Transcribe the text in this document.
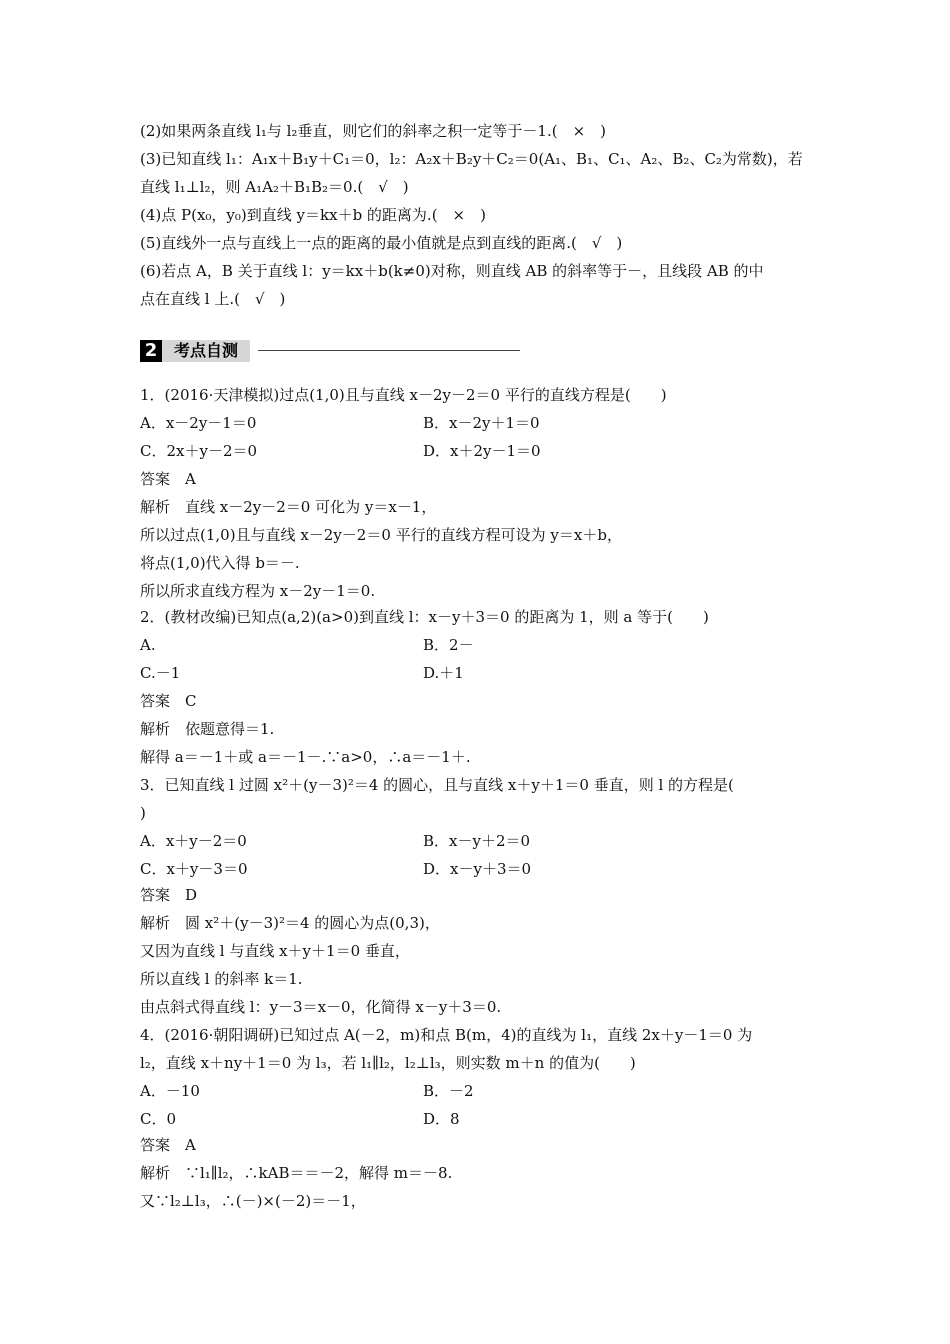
(2)如果两条直线 l₁与 l₂垂直，则它们的斜率之积一定等于－1.(　×　)
(3)已知直线 l₁：A₁x＋B₁y＋C₁＝0，l₂：A₂x＋B₂y＋C₂＝0(A₁、B₁、C₁、A₂、B₂、C₂为常数)，若
直线 l₁⊥l₂，则 A₁A₂＋B₁B₂＝0.(　√　)
(4)点 P(x₀，y₀)到直线 y＝kx＋b 的距离为.(　×　)
(5)直线外一点与直线上一点的距离的最小值就是点到直线的距离.(　√　)
(6)若点 A，B 关于直线 l：y＝kx＋b(k≠0)对称，则直线 AB 的斜率等于－，且线段 AB 的中
点在直线 l 上.(　√　)
2 考点自测
1．(2016·天津模拟)过点(1,0)且与直线 x－2y－2＝0 平行的直线方程是(　　)
A．x－2y－1＝0	B．x－2y＋1＝0
C．2x＋y－2＝0	D．x＋2y－1＝0
答案　A
解析　直线 x－2y－2＝0 可化为 y＝x－1，
所以过点(1,0)且与直线 x－2y－2＝0 平行的直线方程可设为 y＝x＋b，
将点(1,0)代入得 b＝－.
所以所求直线方程为 x－2y－1＝0.
2．(教材改编)已知点(a,2)(a>0)到直线 l：x－y＋3＝0 的距离为 1，则 a 等于(　　)
A.	B．2－
C.－1	D.＋1
答案　C
解析　依题意得＝1.
解得 a＝－1＋或 a＝－1－.∵a>0，∴a＝－1＋.
3．已知直线 l 过圆 x²＋(y－3)²＝4 的圆心，且与直线 x＋y＋1＝0 垂直，则 l 的方程是(
)
A．x＋y－2＝0	B．x－y＋2＝0
C．x＋y－3＝0	D．x－y＋3＝0
答案　D
解析　圆 x²＋(y－3)²＝4 的圆心为点(0,3)，
又因为直线 l 与直线 x＋y＋1＝0 垂直，
所以直线 l 的斜率 k＝1.
由点斜式得直线 l：y－3＝x－0，化简得 x－y＋3＝0.
4．(2016·朝阳调研)已知过点 A(－2，m)和点 B(m，4)的直线为 l₁，直线 2x＋y－1＝0 为
l₂，直线 x＋ny＋1＝0 为 l₃，若 l₁∥l₂，l₂⊥l₃，则实数 m＋n 的值为(　　)
A．－10	B．－2
C．0	D．8
答案　A
解析　∵l₁∥l₂，∴kAB＝＝－2，解得 m＝－8.
又∵l₂⊥l₃，∴(－)×(－2)＝－1，
